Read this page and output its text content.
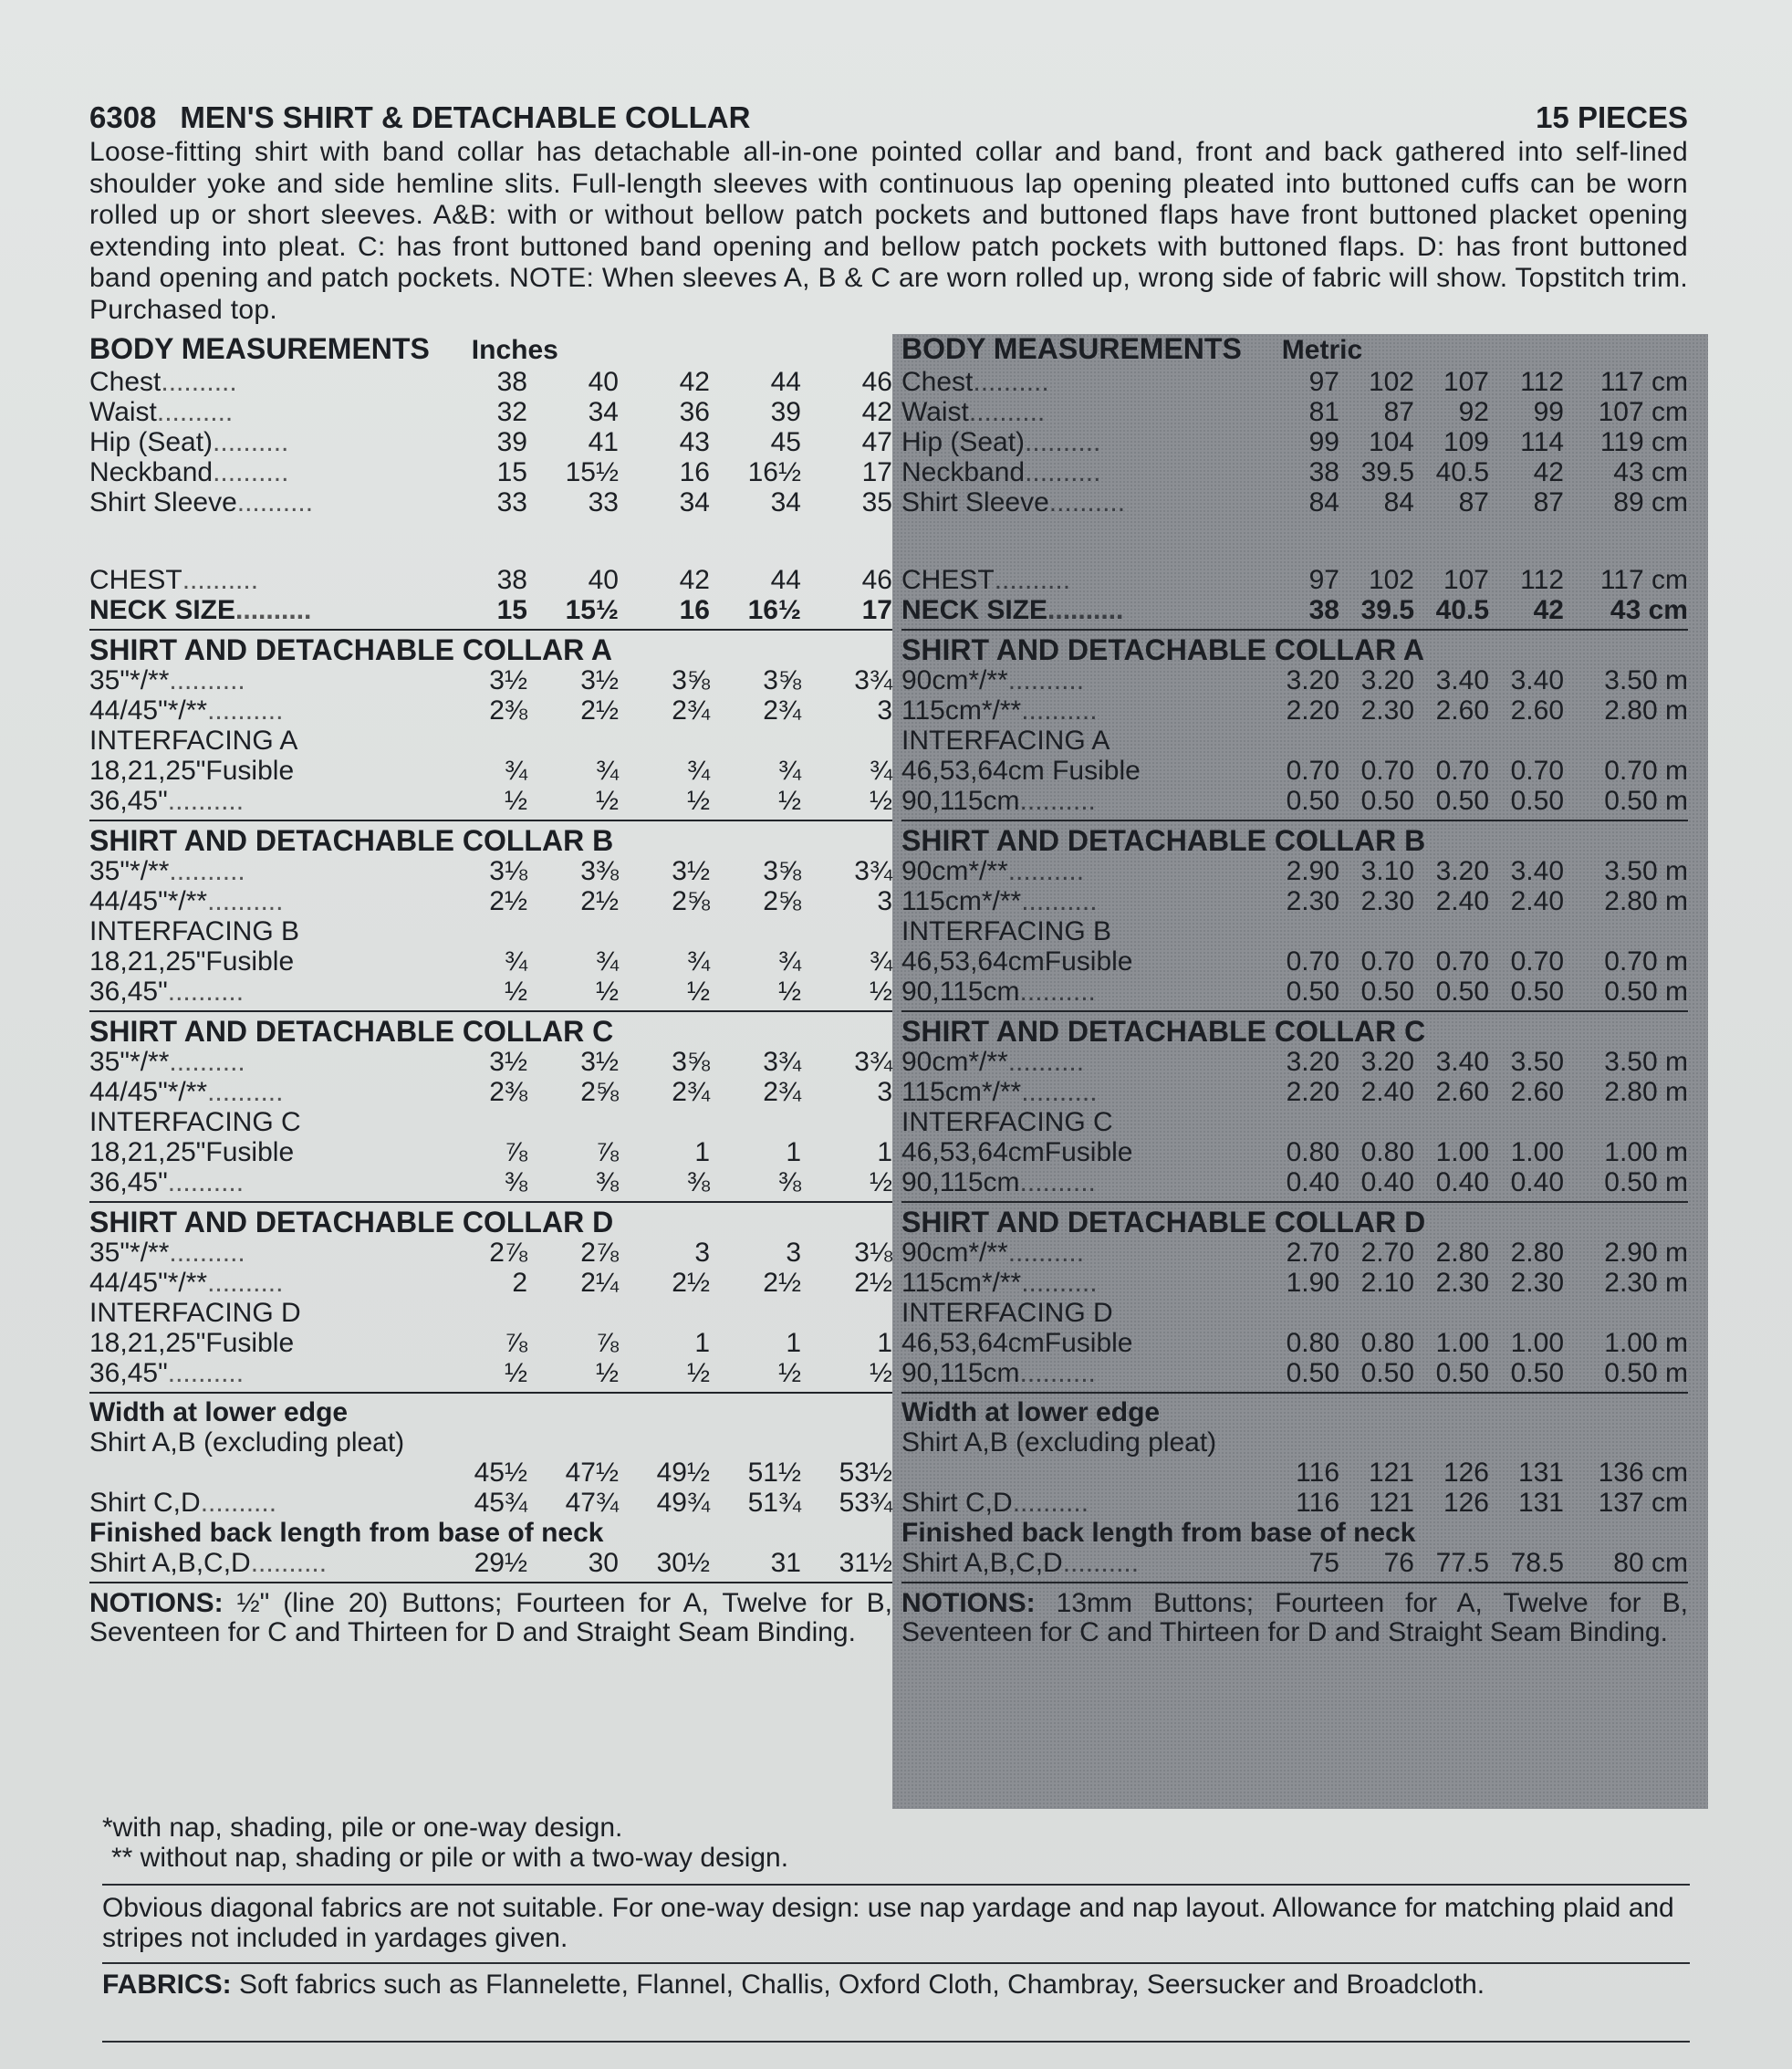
6308 MEN'S SHIRT & DETACHABLE COLLAR	15 PIECES
Loose-fitting shirt with band collar has detachable all-in-one pointed collar and band, front and back gathered into self-lined shoulder yoke and side hemline slits. Full-length sleeves with continuous lap opening pleated into buttoned cuffs can be worn rolled up or short sleeves. A&B: with or without bellow patch pockets and buttoned flaps have front buttoned placket opening extending into pleat. C: has front buttoned band opening and bellow patch pockets with buttoned flaps. D: has front buttoned band opening and patch pockets. NOTE: When sleeves A, B & C are worn rolled up, wrong side of fabric will show. Topstitch trim. Purchased top.
BODY MEASUREMENTS Inches
Chest ..........	38	40	42	44	46
Waist ..........	32	34	36	39	42
Hip (Seat) ..........	39	41	43	45	47
Neckband ..........	15	15½	16	16½	17
Shirt Sleeve ..........	33	33	34	34	35
CHEST ..........	38	40	42	44	46
NECK SIZE ..........	15	15½	16	16½	17
SHIRT AND DETACHABLE COLLAR A
35"*/** ..........	3½	3½	3⅝	3⅝	3¾
44/45"*/** ..........	2⅜	2½	2¾	2¾	3
INTERFACING A
18,21,25"Fusible	¾	¾	¾	¾	¾
36,45" ..........	½	½	½	½	½
SHIRT AND DETACHABLE COLLAR B
35"*/** ..........	3⅛	3⅜	3½	3⅝	3¾
44/45"*/** ..........	2½	2½	2⅝	2⅝	3
INTERFACING B
18,21,25"Fusible	¾	¾	¾	¾	¾
36,45" ..........	½	½	½	½	½
SHIRT AND DETACHABLE COLLAR C
35"*/** ..........	3½	3½	3⅝	3¾	3¾
44/45"*/** ..........	2⅜	2⅝	2¾	2¾	3
INTERFACING C
18,21,25"Fusible	⅞	⅞	1	1	1
36,45" ..........	⅜	⅜	⅜	⅜	½
SHIRT AND DETACHABLE COLLAR D
35"*/** ..........	2⅞	2⅞	3	3	3⅛
44/45"*/** ..........	2	2¼	2½	2½	2½
INTERFACING D
18,21,25"Fusible	⅞	⅞	1	1	1
36,45" ..........	½	½	½	½	½
Width at lower edge
Shirt A,B (excluding pleat)
45½	47½	49½	51½	53½
Shirt C,D ..........	45¾	47¾	49¾	51¾	53¾
Finished back length from base of neck
Shirt A,B,C,D ..........	29½	30	30½	31	31½
NOTIONS: ½" (line 20) Buttons; Fourteen for A, Twelve for B, Seventeen for C and Thirteen for D and Straight Seam Binding.
BODY MEASUREMENTS Metric
Chest ..........	97	102	107	112	117 cm
Waist ..........	81	87	92	99	107 cm
Hip (Seat) ..........	99	104	109	114	119 cm
Neckband ..........	38 39.5 40.5	42	43 cm
Shirt Sleeve ..........	84	84	87	87	89 cm
CHEST ..........	97	102	107	112	117 cm
NECK SIZE ..........	38 39.5 40.5	42	43 cm
SHIRT AND DETACHABLE COLLAR A
90cm*/** ..........	3.20 3.20 3.40 3.40	3.50 m
115cm*/** ..........	2.20 2.30 2.60 2.60	2.80 m
INTERFACING A
46,53,64cm Fusible	0.70 0.70 0.70 0.70	0.70 m
90,115cm ..........	0.50 0.50 0.50 0.50	0.50 m
SHIRT AND DETACHABLE COLLAR B
90cm*/** ..........	2.90 3.10 3.20 3.40	3.50 m
115cm*/** ..........	2.30 2.30 2.40 2.40	2.80 m
INTERFACING B
46,53,64cmFusible	0.70 0.70 0.70 0.70	0.70 m
90,115cm ..........	0.50 0.50 0.50 0.50	0.50 m
SHIRT AND DETACHABLE COLLAR C
90cm*/** ..........	3.20 3.20 3.40 3.50	3.50 m
115cm*/** ..........	2.20 2.40 2.60 2.60	2.80 m
INTERFACING C
46,53,64cmFusible	0.80 0.80 1.00 1.00	1.00 m
90,115cm ..........	0.40 0.40 0.40 0.40	0.50 m
SHIRT AND DETACHABLE COLLAR D
90cm*/** ..........	2.70 2.70 2.80 2.80	2.90 m
115cm*/** ..........	1.90 2.10 2.30 2.30	2.30 m
INTERFACING D
46,53,64cmFusible	0.80 0.80 1.00 1.00	1.00 m
90,115cm ..........	0.50 0.50 0.50 0.50	0.50 m
Width at lower edge
Shirt A,B (excluding pleat)
116	121	126	131	136 cm
Shirt C,D ..........	116	121	126	131	137 cm
Finished back length from base of neck
Shirt A,B,C,D ..........	75	76 77.5 78.5	80 cm
NOTIONS: 13mm Buttons; Fourteen for A, Twelve for B, Seventeen for C and Thirteen for D and Straight Seam Binding.
*with nap, shading, pile or one-way design.
** without nap, shading or pile or with a two-way design.
Obvious diagonal fabrics are not suitable. For one-way design: use nap yardage and nap layout. Allowance for matching plaid and stripes not included in yardages given.
FABRICS: Soft fabrics such as Flannelette, Flannel, Challis, Oxford Cloth, Chambray, Seersucker and Broadcloth.
